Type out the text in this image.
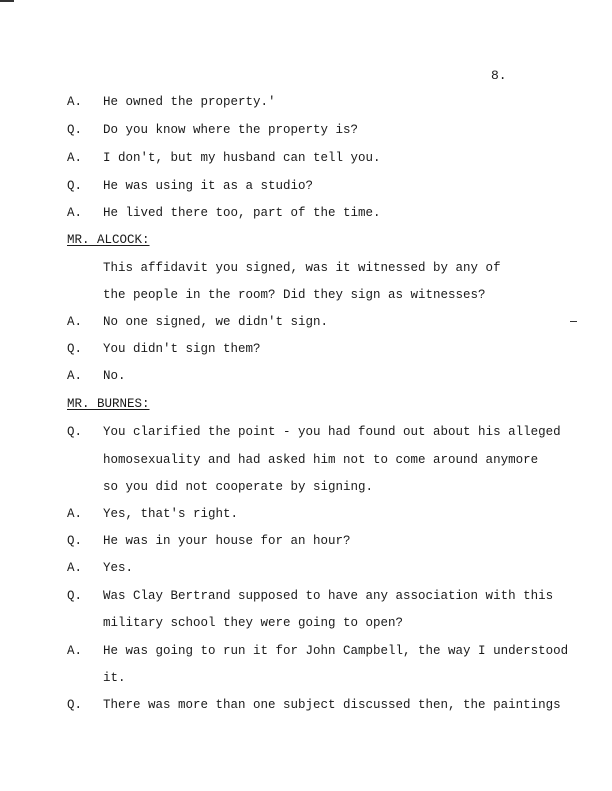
8.
A. He owned the property.'
Q. Do you know where the property is?
A. I don't, but my husband can tell you.
Q. He was using it as a studio?
A. He lived there too, part of the time.
MR. ALCOCK:
This affidavit you signed, was it witnessed by any of
the people in the room? Did they sign as witnesses?
A. No one signed, we didn't sign.
Q. You didn't sign them?
A. No.
MR. BURNES:
Q. You clarified the point - you had found out about his alleged
homosexuality and had asked him not to come around anymore
so you did not cooperate by signing.
A. Yes, that's right.
Q. He was in your house for an hour?
A. Yes.
Q. Was Clay Bertrand supposed to have any association with this
military school they were going to open?
A. He was going to run it for John Campbell, the way I understood
it.
Q. There was more than one subject discussed then, the paintings
